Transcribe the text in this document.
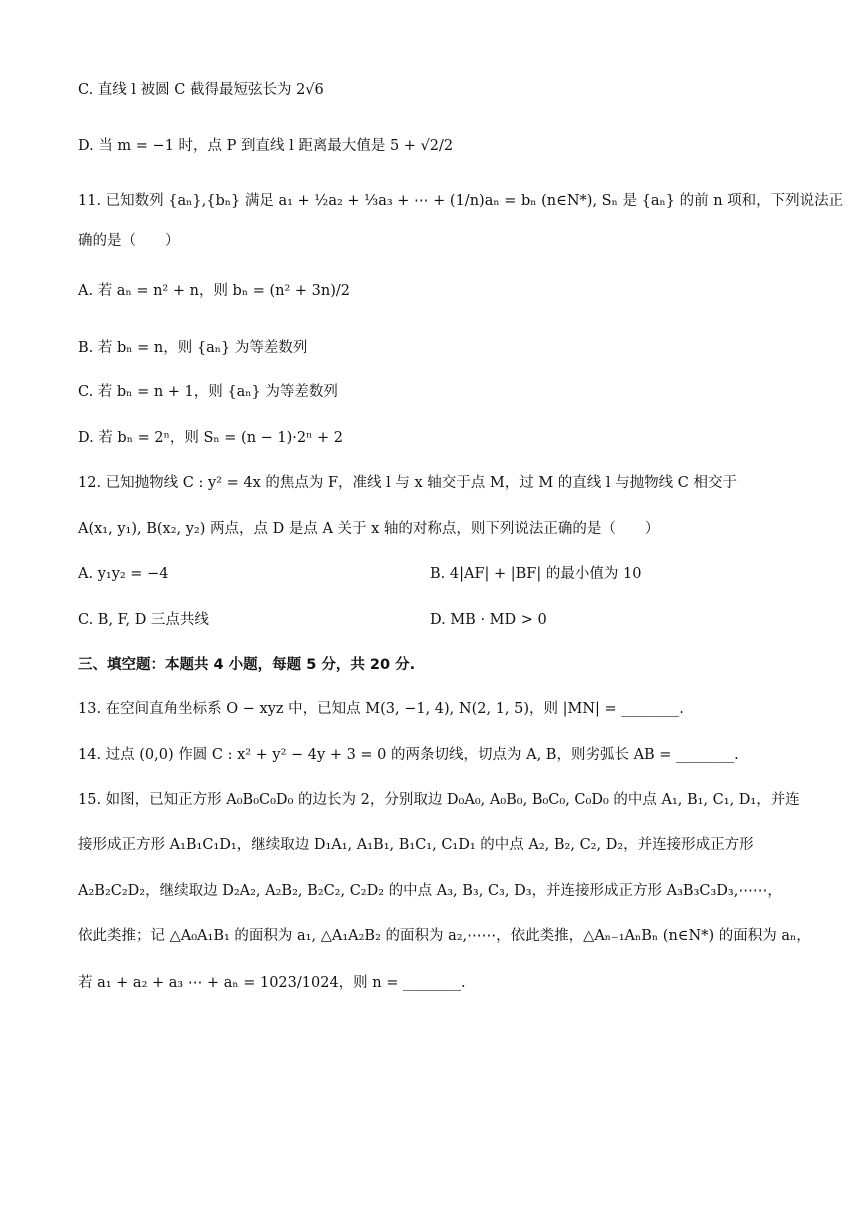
C. 直线 l 被圆 C 截得最短弦长为 2√6
D. 当 m = −1 时，点 P 到直线 l 距离最大值是 5 + √2/2
11. 已知数列 {aₙ},{bₙ} 满足 a₁ + ½a₂ + ⅓a₃ + ⋯ + (1/n)aₙ = bₙ (n∈N*), Sₙ 是 {aₙ} 的前 n 项和，下列说法正
确的是（　　）
A. 若 aₙ = n² + n，则 bₙ = (n² + 3n)/2
B. 若 bₙ = n，则 {aₙ} 为等差数列
C. 若 bₙ = n + 1，则 {aₙ} 为等差数列
D. 若 bₙ = 2ⁿ，则 Sₙ = (n − 1)·2ⁿ + 2
12. 已知抛物线 C : y² = 4x 的焦点为 F，准线 l 与 x 轴交于点 M，过 M 的直线 l 与抛物线 C 相交于
A(x₁, y₁), B(x₂, y₂) 两点，点 D 是点 A 关于 x 轴的对称点，则下列说法正确的是（　　）
A. y₁y₂ = −4	B. 4|AF| + |BF| 的最小值为 10
C. B, F, D 三点共线	D. MB · MD > 0
三、填空题：本题共 4 小题，每题 5 分，共 20 分.
13. 在空间直角坐标系 O − xyz 中，已知点 M(3, −1, 4), N(2, 1, 5)，则 |MN| = ________.
14. 过点 (0,0) 作圆 C : x² + y² − 4y + 3 = 0 的两条切线，切点为 A, B，则劣弧长 AB = ________.
15. 如图，已知正方形 A₀B₀C₀D₀ 的边长为 2，分别取边 D₀A₀, A₀B₀, B₀C₀, C₀D₀ 的中点 A₁, B₁, C₁, D₁，并连
接形成正方形 A₁B₁C₁D₁，继续取边 D₁A₁, A₁B₁, B₁C₁, C₁D₁ 的中点 A₂, B₂, C₂, D₂，并连接形成正方形
A₂B₂C₂D₂，继续取边 D₂A₂, A₂B₂, B₂C₂, C₂D₂ 的中点 A₃, B₃, C₃, D₃，并连接形成正方形 A₃B₃C₃D₃,⋯⋯，
依此类推；记 △A₀A₁B₁ 的面积为 a₁, △A₁A₂B₂ 的面积为 a₂,⋯⋯，依此类推，△Aₙ₋₁AₙBₙ (n∈N*) 的面积为 aₙ，
若 a₁ + a₂ + a₃ ⋯ + aₙ = 1023/1024，则 n = ________.
